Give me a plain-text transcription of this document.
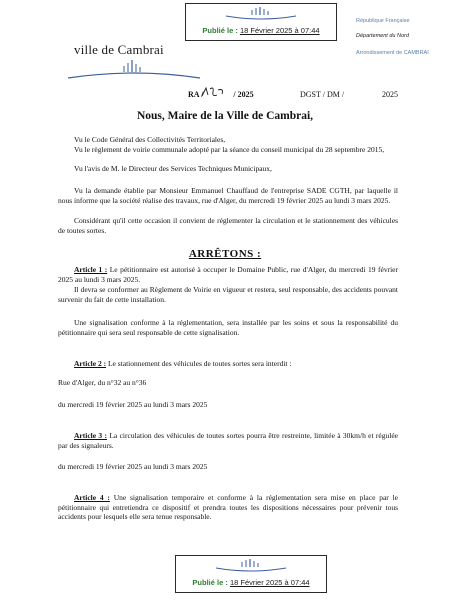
Publié le : 18 Février 2025 à 07:44
ville de Cambrai
République Française
Département du Nord
Arrondissement de CAMBRAI
RA /	/ 2025	DGST / DM /	2025
Nous, Maire de la Ville de Cambrai,
Vu le Code Général des Collectivités Territoriales,
Vu le règlement de voirie communale adopté par la séance du conseil municipal du 28 septembre 2015,
Vu l'avis de M. le Directeur des Services Techniques Municipaux,
Vu la demande établie par Monsieur Emmanuel Chauffaud de l'entreprise SADE CGTH, par laquelle il nous informe que la société réalise des travaux, rue d'Alger, du mercredi 19 février 2025 au lundi 3 mars 2025.
Considérant qu'il cette occasion il convient de réglementer la circulation et le stationnement des véhicules de toutes sortes.
ARRÊTONS :
Article 1 : Le pétitionnaire est autorisé à occuper le Domaine Public, rue d'Alger, du mercredi 19 février 2025 au lundi 3 mars 2025.
Il devra se conformer au Règlement de Voirie en vigueur et restera, seul responsable, des accidents pouvant survenir du fait de cette installation.
Une signalisation conforme à la réglementation, sera installée par les soins et sous la responsabilité du pétitionnaire qui sera seul responsable de cette signalisation.
Article 2 : Le stationnement des véhicules de toutes sortes sera interdit :
Rue d'Alger, du n°32 au n°36
du mercredi 19 février 2025 au lundi 3 mars 2025
Article 3 : La circulation des véhicules de toutes sortes pourra être restreinte, limitée à 30km/h et régulée par des signaleurs.
du mercredi 19 février 2025 au lundi 3 mars 2025
Article 4 : Une signalisation temporaire et conforme à la réglementation sera mise en place par le pétitionnaire qui entretiendra ce dispositif et prendra toutes les dispositions nécessaires pour prévenir tous accidents pour lesquels elle sera tenue responsable.
Publié le : 18 Février 2025 à 07:44
